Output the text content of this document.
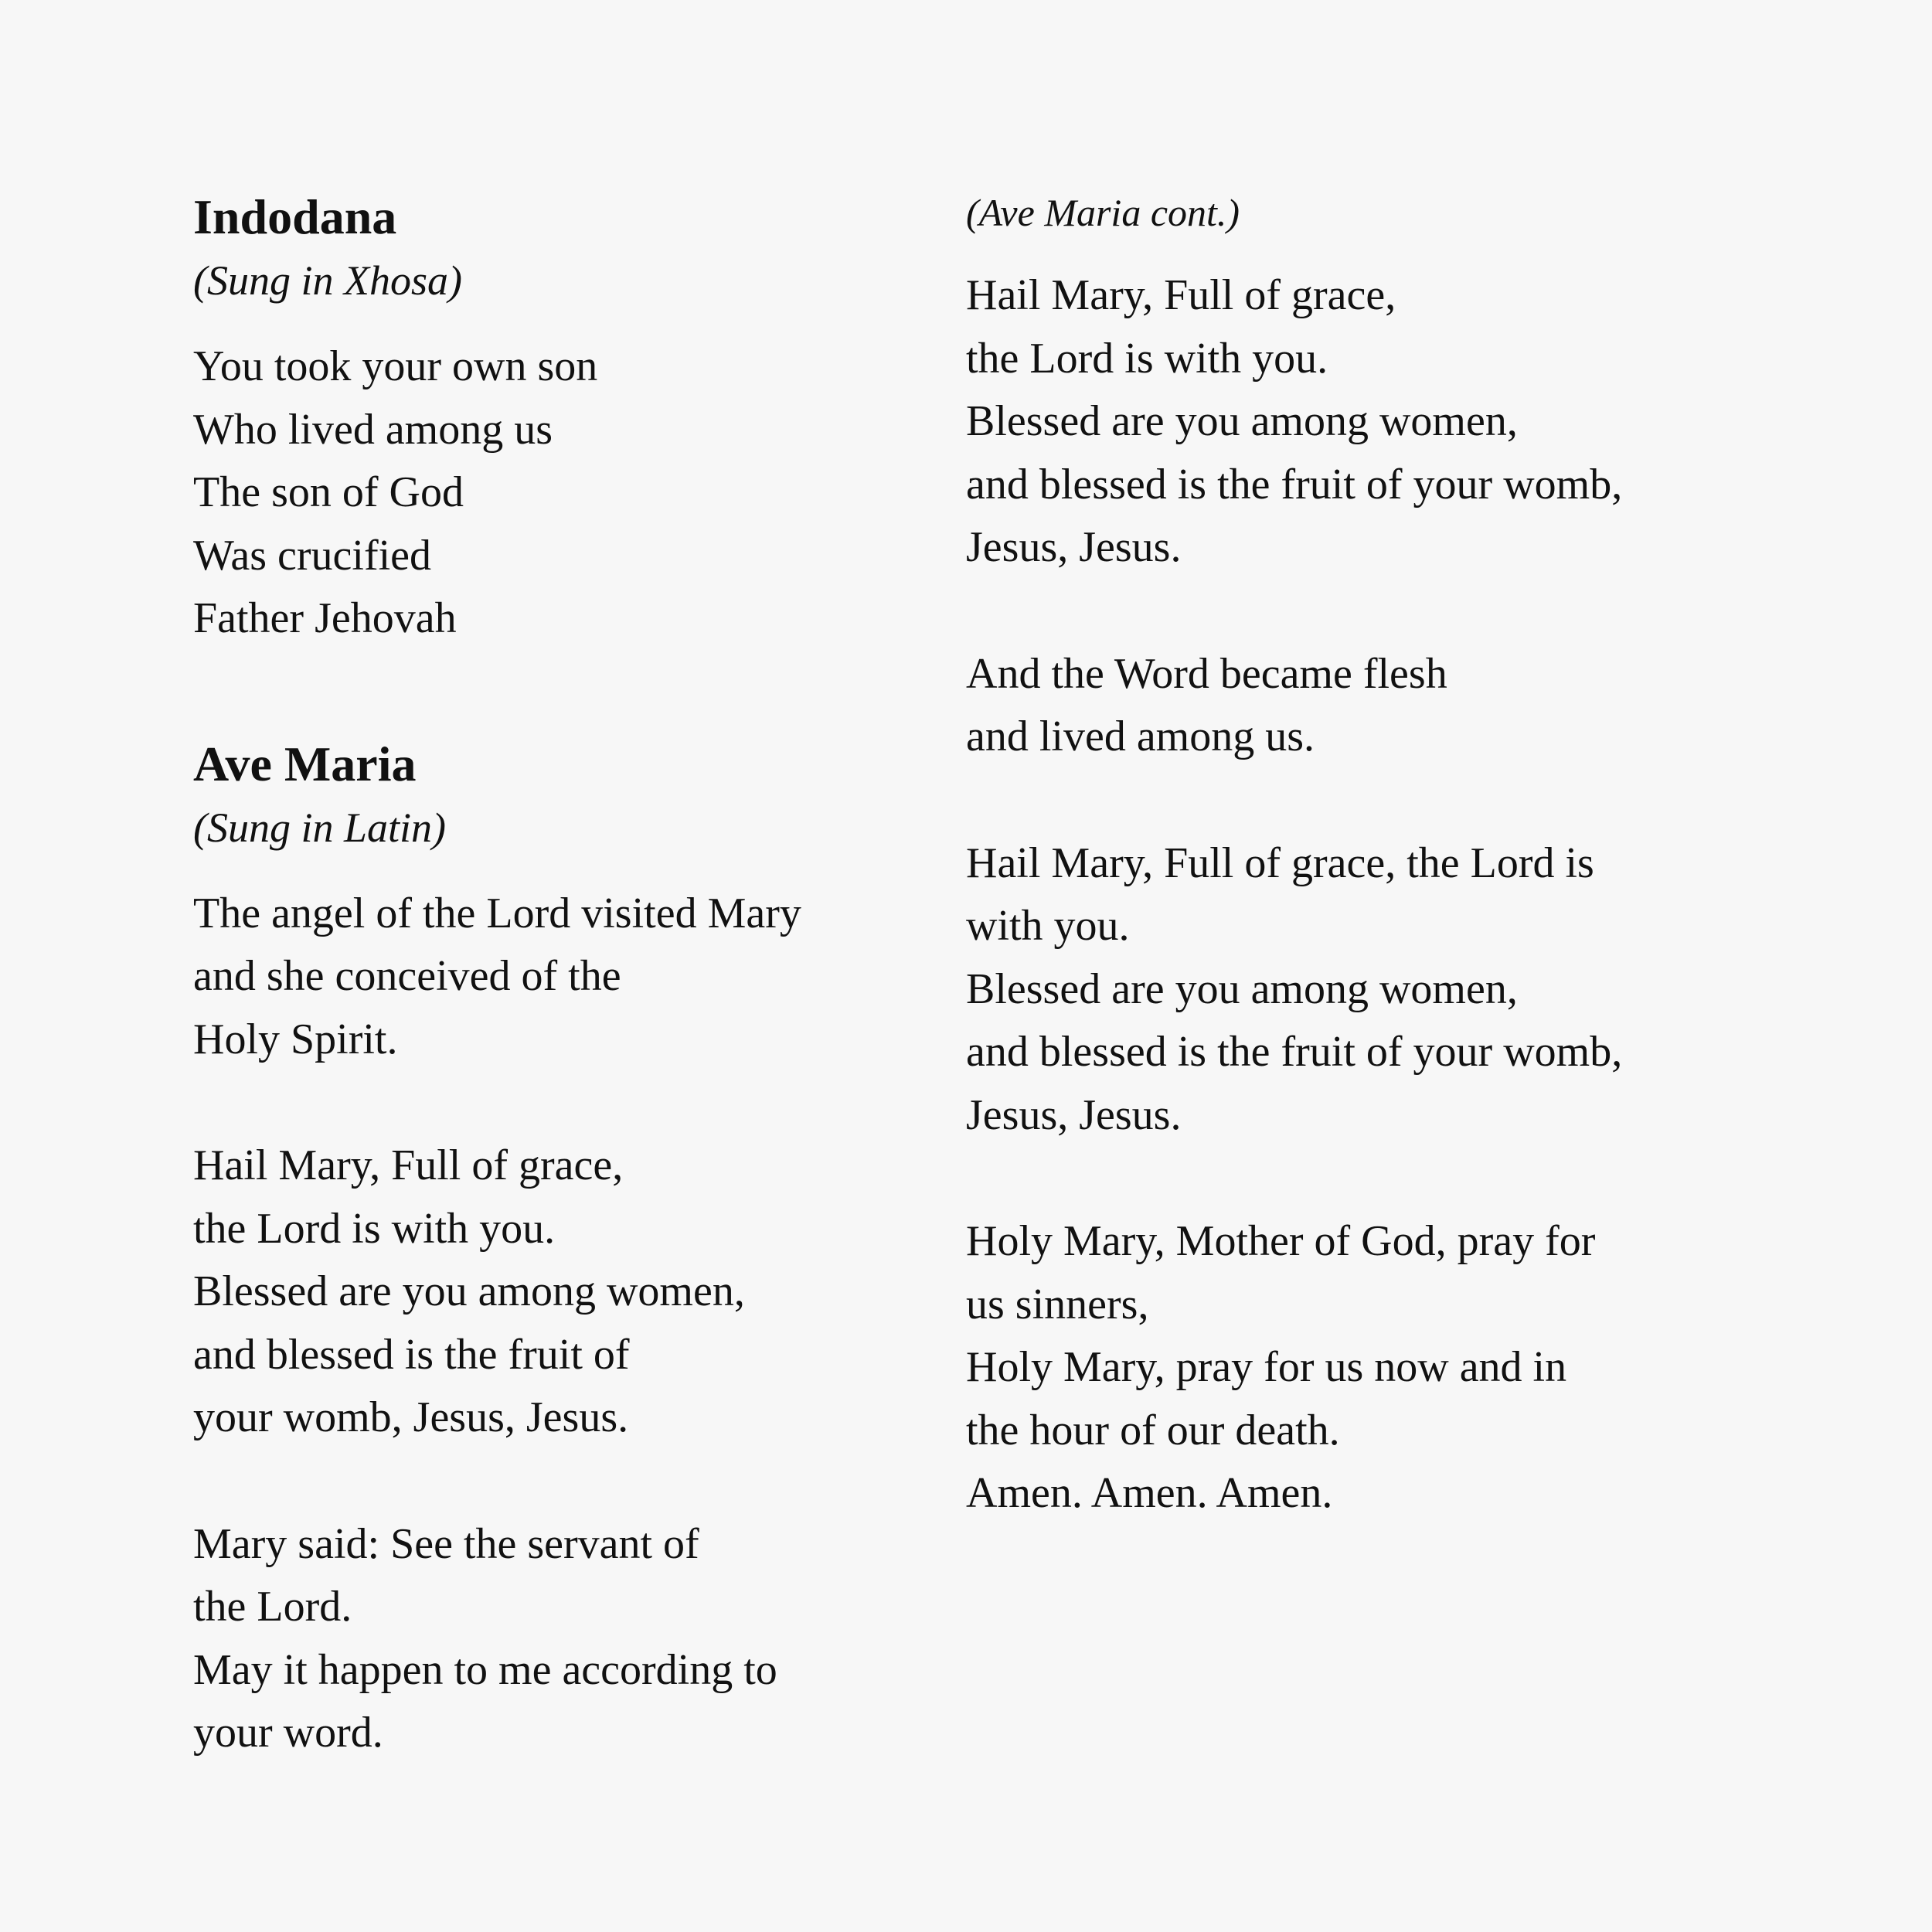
Indodana

(Sung in Xhosa)

You took your own son
Who lived among us
The son of God
Was crucified
Father Jehovah

Ave Maria

(Sung in Latin)

The angel of the Lord visited Mary
and she conceived of the
Holy Spirit.

Hail Mary, Full of grace,
the Lord is with you.
Blessed are you among women,
and blessed is the fruit of
your womb, Jesus, Jesus.

Mary said: See the servant of
the Lord.
May it happen to me according to
your word.

(Ave Maria cont.)

Hail Mary, Full of grace,
the Lord is with you.
Blessed are you among women,
and blessed is the fruit of your womb,
Jesus, Jesus.

And the Word became flesh
and lived among us.

Hail Mary, Full of grace, the Lord is
with you.
Blessed are you among women,
and blessed is the fruit of your womb,
Jesus, Jesus.

Holy Mary, Mother of God, pray for
us sinners,
Holy Mary, pray for us now and in
the hour of our death.
Amen. Amen. Amen.
